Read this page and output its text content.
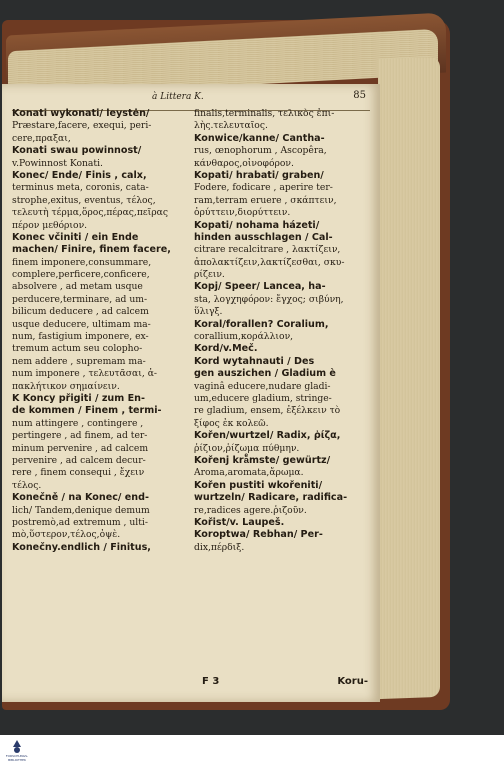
à Littera K.	85
Konati wykonati/ leystėn/
Præstare,facere, exequi, peri-
cere,πραξαι,
Konati swau powinnost/
v.Powinnost Konati.
Konec/ Ende/ Finis , calx,
terminus meta, coronis, cata-
strophe,exitus, eventus, τέλος,
τελευτὴ τέρμα,ὅρος,πέρας,πεῖρας
πέρον μεθόριον.
Konec včiniti / ein Ende
machen/ Finire, finem facere,
finem imponere,consummare,
complere,perficere,conficere,
absolvere , ad metam usque
perducere,terminare, ad um-
bilicum deducere , ad calcem
usque deducere, ultimam ma-
num, fastigium imponere, ex-
tremum actum seu colopho-
nem addere , supremam ma-
num imponere , τελευτᾶσαι, ἀ-
πακλήτικον σημαίνειν.
K Koncy přigiti / zum En-
de kommen / Finem , termi-
num attingere , contingere ,
pertingere , ad finem, ad ter-
minum pervenire , ad calcem
pervenire , ad calcem decur-
rere , finem consequi , ἔχειν
τέλος.
Konečně / na Konec/ end-
lich/ Tandem,denique demum
postremò,ad extremum , ulti-
mò,ὕστερον,τέλος,ὀψὲ.
Konečny.endlich / Finitus,
finalis,terminalis, τελικὸς ἐπι-
λὴς.τελευταῖος.
Konwice/kanne/ Cantha-
rus, œnophorum , Ascopêra,
κάνθαρος,οἰνοφόρον.
Kopati/ hrabati/ graben/
Fodere, fodicare , aperire ter-
ram,terram eruere , σκάπτειν,
ὀρύττειν,διορύττειν.
Kopati/ nohama házeti/
hinden ausschlagen / Cal-
citrare recalcitrare , λακτίζειν,
ἀπολακτίζειν,λακτίζεσθαι, σκυ-
ρίζειν.
Kopj/ Speer/ Lancea, ha-
sta, λογχηφόρον: ἔγχος; σιβύνη,
ὕλιγξ.
Koral/forallen? Coralium,
corallium,κοράλλιον,
Kord/v.Meč.
Kord wytahnauti / Des
gen auszichen / Gladium è
vaginâ educere,nudare gladi-
um,educere gladium, stringe-
re gladium, ensem, ἐξέλκειν τὸ
ξίφος ἐκ κολεῶ.
Kořen/wurtzel/ Radix, ῥίζα,
ῥίζιον,ῥίζωμα πύθμην.
Kořenj kraͤmste/ gewürtz/
Aroma,aromata,ἄρωμα.
Kořen pustiti wkořeniti/
wurtzeln/ Radicare, radifica-
re,radices agere.ῥιζοῦν.
Kořist/v. Laupeš.
Koroptwa/ Rebhan/ Per-
dix,πέρδιξ.
F 3	Koru-
FORSCHUNGS-
BIBLIOTHEK
